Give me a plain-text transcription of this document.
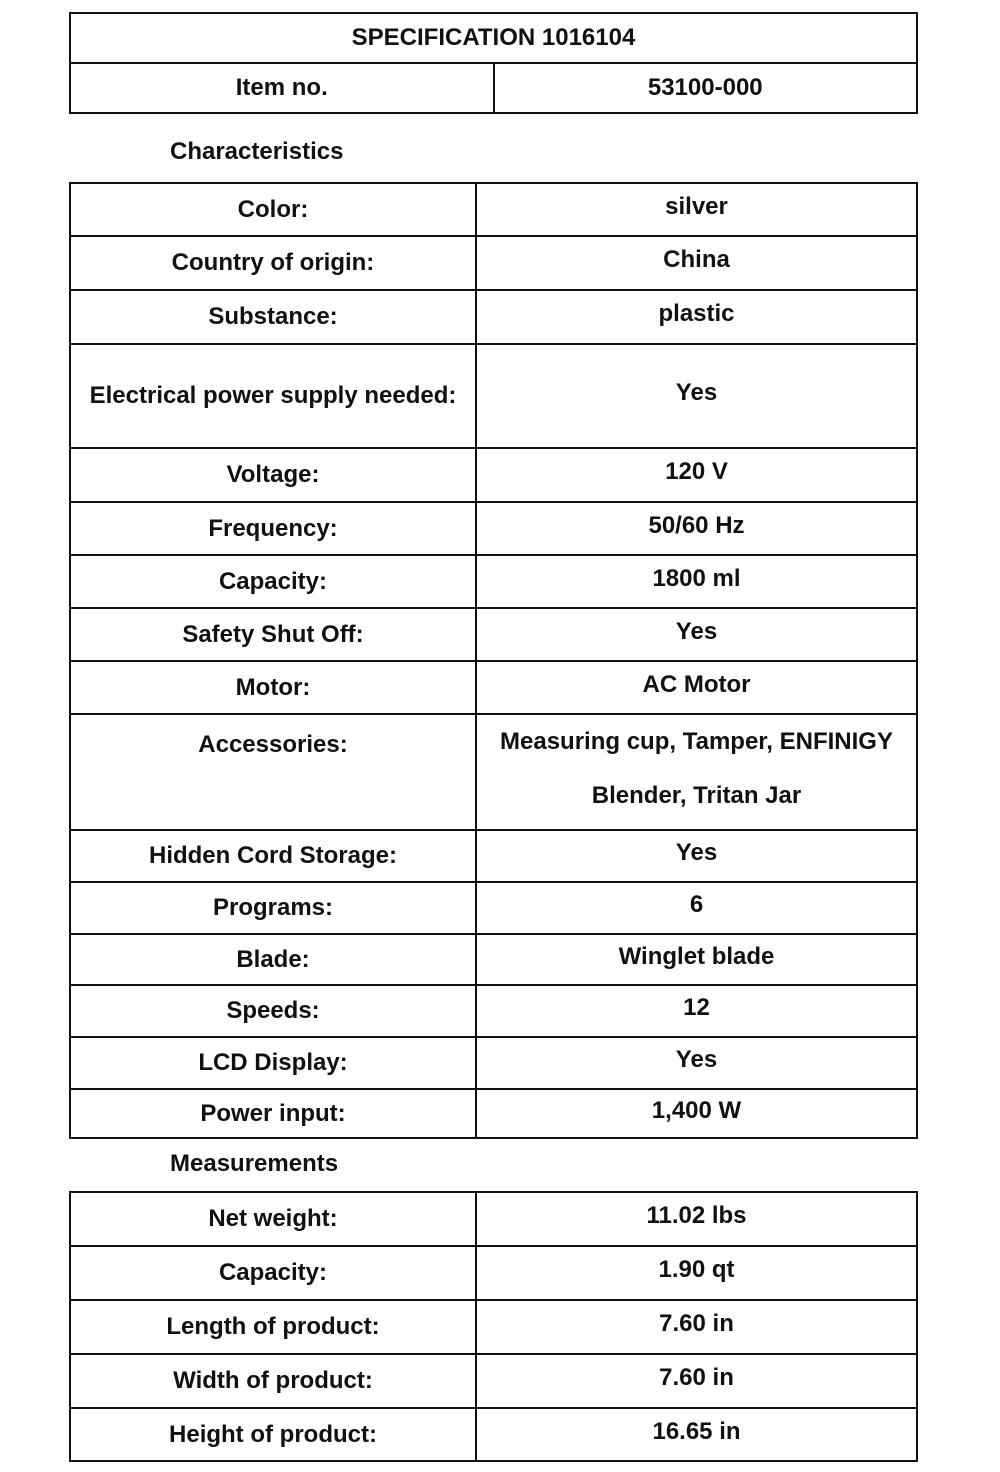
SPECIFICATION 1016104
Item no.	53100-000
Characteristics
Color:	silver
Country of origin:	China
Substance:	plastic
Electrical power supply needed:	Yes
Voltage:	120 V
Frequency:	50/60 Hz
Capacity:	1800 ml
Safety Shut Off:	Yes
Motor:	AC Motor
Accessories:	Measuring cup, Tamper, ENFINIGY Blender, Tritan Jar
Hidden Cord Storage:	Yes
Programs:	6
Blade:	Winglet blade
Speeds:	12
LCD Display:	Yes
Power input:	1,400 W
Measurements
Net weight:	11.02 lbs
Capacity:	1.90 qt
Length of product:	7.60 in
Width of product:	7.60 in
Height of product:	16.65 in
